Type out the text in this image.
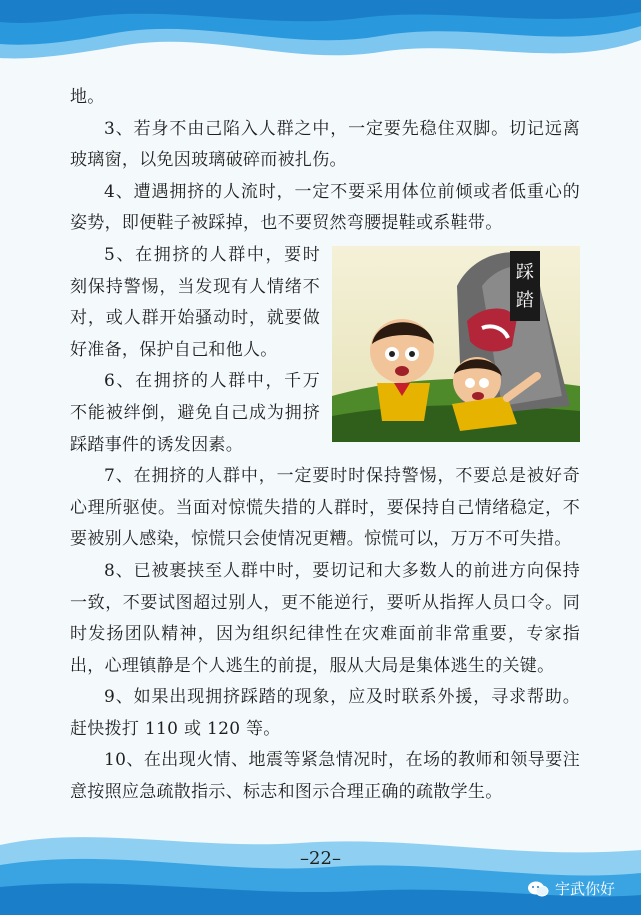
地。

3、若身不由己陷入人群之中，一定要先稳住双脚。切记远离玻璃窗，以免因玻璃破碎而被扎伤。

4、遭遇拥挤的人流时，一定不要采用体位前倾或者低重心的姿势，即便鞋子被踩掉，也不要贸然弯腰提鞋或系鞋带。

踩
踏

5、在拥挤的人群中，要时刻保持警惕，当发现有人情绪不对，或人群开始骚动时，就要做好准备，保护自己和他人。

6、在拥挤的人群中，千万不能被绊倒，避免自己成为拥挤踩踏事件的诱发因素。

7、在拥挤的人群中，一定要时时保持警惕，不要总是被好奇心理所驱使。当面对惊慌失措的人群时，要保持自己情绪稳定，不要被别人感染，惊慌只会使情况更糟。惊慌可以，万万不可失措。

8、已被裹挟至人群中时，要切记和大多数人的前进方向保持一致，不要试图超过别人，更不能逆行，要听从指挥人员口令。同时发扬团队精神，因为组织纪律性在灾难面前非常重要，专家指出，心理镇静是个人逃生的前提，服从大局是集体逃生的关键。

9、如果出现拥挤踩踏的现象，应及时联系外援，寻求帮助。赶快拨打 110 或 120 等。

10、在出现火情、地震等紧急情况时，在场的教师和领导要注意按照应急疏散指示、标志和图示合理正确的疏散学生。

–22–
宇武你好
